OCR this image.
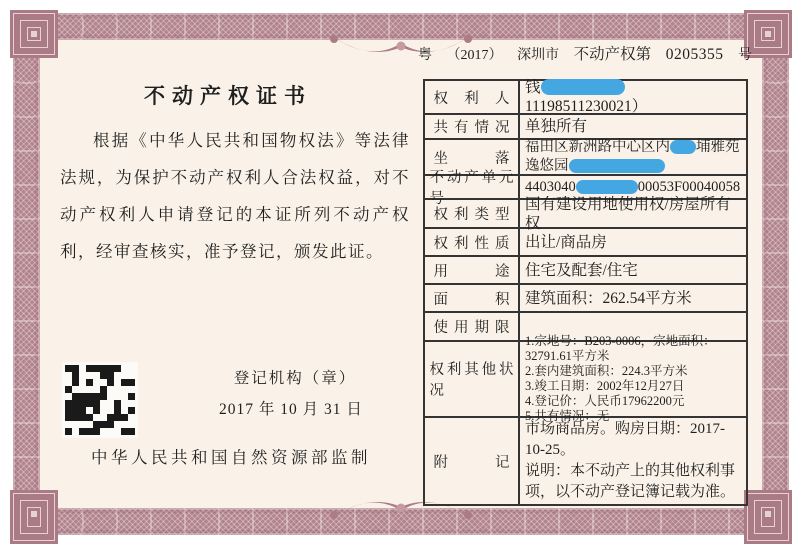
不动产权证书
根据《中华人民共和国物权法》等法律法规，为保护不动产权利人合法权益，对不动产权利人申请登记的本证所列不动产权利，经审查核实，准予登记，颁发此证。
登记机构（章）
2017 年 10 月 31 日
中华人民共和国自然资源部监制
粤 （2017） 深圳市 不动产权第 0205355 号
权利人
钱11198511230021）
共有情况 单独所有
坐落
福田区新洲路中心区内 埔雅苑逸悠园
不动产单元号
4403040	00053F00040058
权利类型
国有建设用地使用权/房屋所有权
权利性质 出让/商品房
用途 住宅及配套/住宅
面积 建筑面积：262.54平方米
使用期限
权利其他状况
1.宗地号：B203-0006，宗地面积：32791.61平方米
2.套内建筑面积：224.3平方米
3.竣工日期：2002年12月27日
4.登记价：人民币17962200元
5.共有情况：无
附记
市场商品房。购房日期：2017-10-25。
说明：本不动产上的其他权利事项，以不动产登记簿记载为准。
